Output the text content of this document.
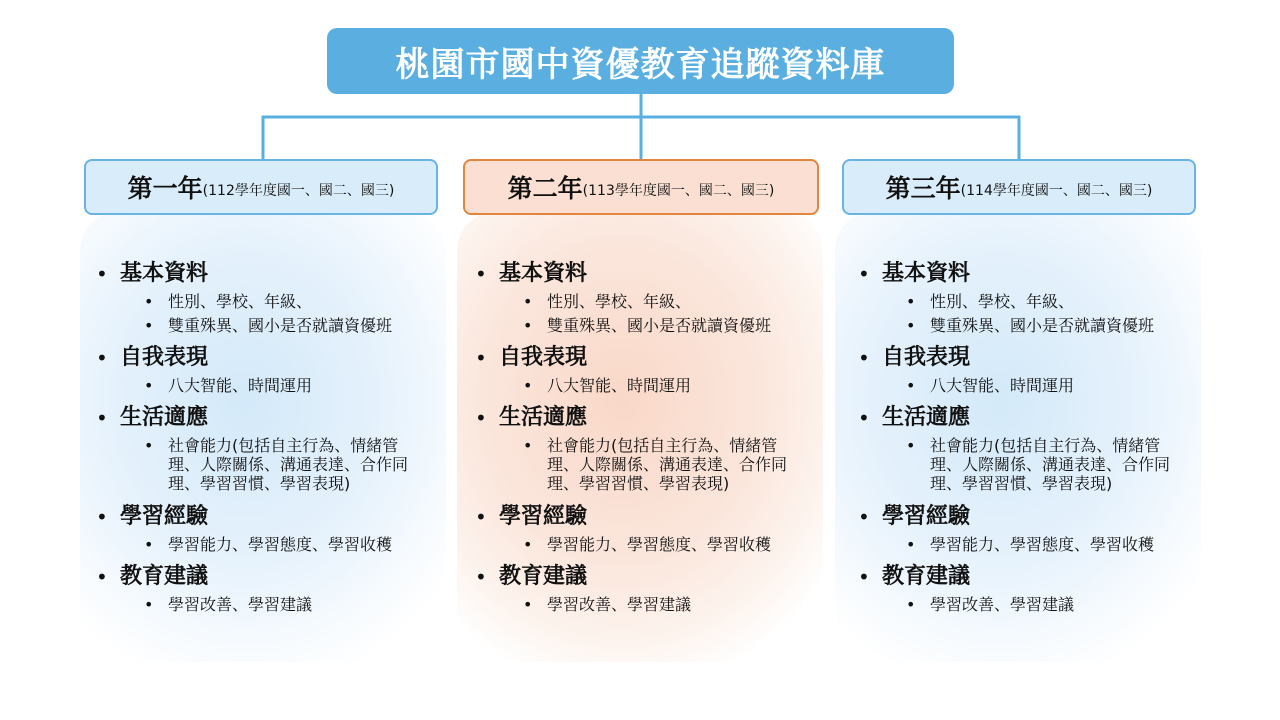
桃園市國中資優教育追蹤資料庫
第一年 (112學年度國一、國二、國三)	第二年 (113學年度國一、國二、國三)	第三年 (114學年度國一、國二、國三)
• 基本資料
• 性別、學校、年級、
• 雙重殊異、國小是否就讀資優班
• 自我表現
• 八大智能、時間運用
• 生活適應
• 社會能力(包括自主行為、情緒管理、人際關係、溝通表達、合作同理、學習習慣、學習表現)
• 學習經驗
• 學習能力、學習態度、學習收穫
• 教育建議
• 學習改善、學習建議
• 基本資料
• 性別、學校、年級、
• 雙重殊異、國小是否就讀資優班
• 自我表現
• 八大智能、時間運用
• 生活適應
• 社會能力(包括自主行為、情緒管理、人際關係、溝通表達、合作同理、學習習慣、學習表現)
• 學習經驗
• 學習能力、學習態度、學習收穫
• 教育建議
• 學習改善、學習建議
• 基本資料
• 性別、學校、年級、
• 雙重殊異、國小是否就讀資優班
• 自我表現
• 八大智能、時間運用
• 生活適應
• 社會能力(包括自主行為、情緒管理、人際關係、溝通表達、合作同理、學習習慣、學習表現)
• 學習經驗
• 學習能力、學習態度、學習收穫
• 教育建議
• 學習改善、學習建議
